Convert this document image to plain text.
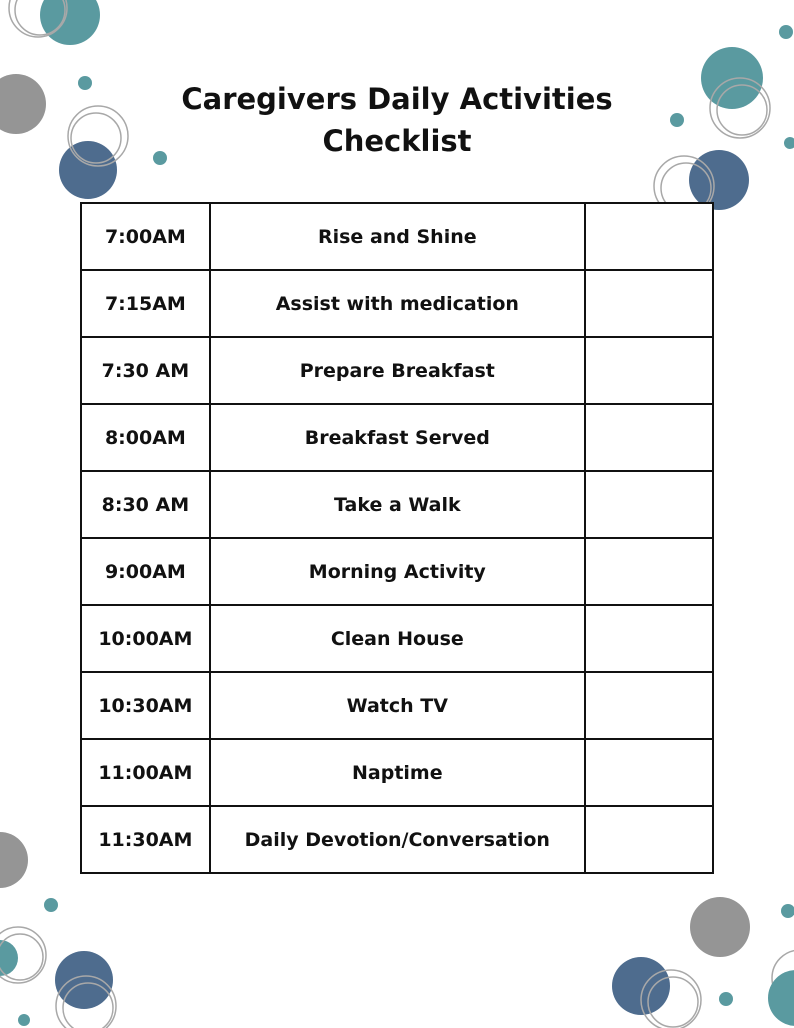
Caregivers Daily Activities
Checklist
7:00AM	Rise and Shine	
7:15AM	Assist with medication	
7:30 AM	Prepare Breakfast	
8:00AM	Breakfast Served	
8:30 AM	Take a Walk	
9:00AM	Morning Activity	
10:00AM	Clean House	
10:30AM	Watch TV	
11:00AM	Naptime	
11:30AM	Daily Devotion/Conversation	
